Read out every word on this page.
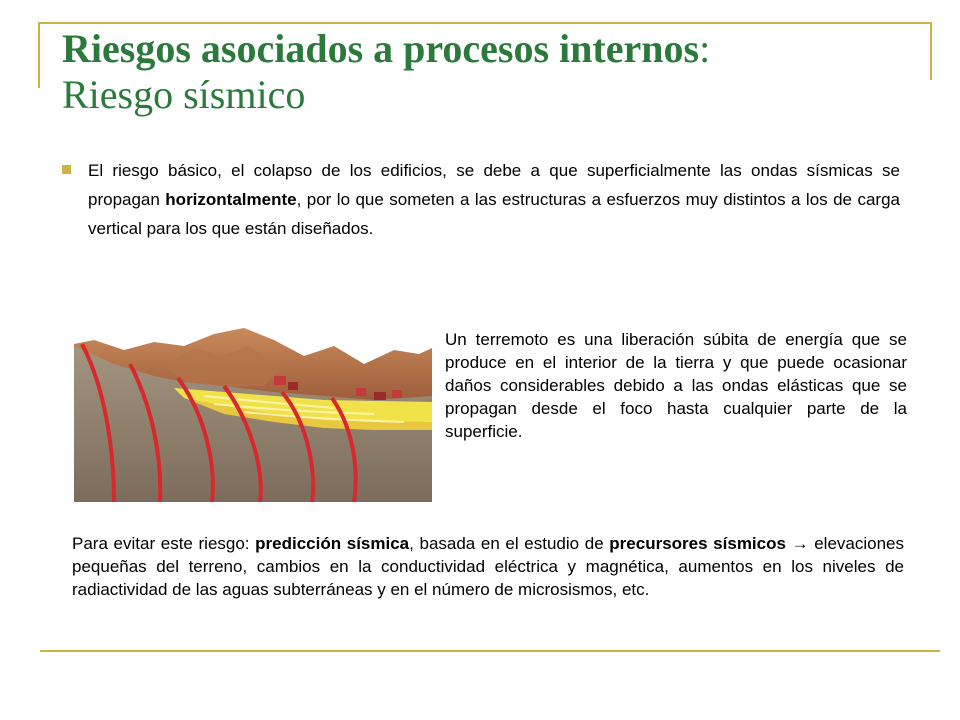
Riesgos asociados a procesos internos:
Riesgo sísmico
El riesgo básico, el colapso de los edificios, se debe a que superficialmente las ondas sísmicas se propagan horizontalmente, por lo que someten a las estructuras a esfuerzos muy distintos a los de carga vertical para los que están diseñados.
Un terremoto es una liberación súbita de energía que se produce en el interior de la tierra y que puede ocasionar daños considerables debido a las ondas elásticas que se propagan desde el foco hasta cualquier parte de la superficie.
Para evitar este riesgo: predicción sísmica, basada en el estudio de precursores sísmicos → elevaciones pequeñas del terreno, cambios en la conductividad eléctrica y magnética, aumentos en los niveles de radiactividad de las aguas subterráneas y en el número de microsismos, etc.
